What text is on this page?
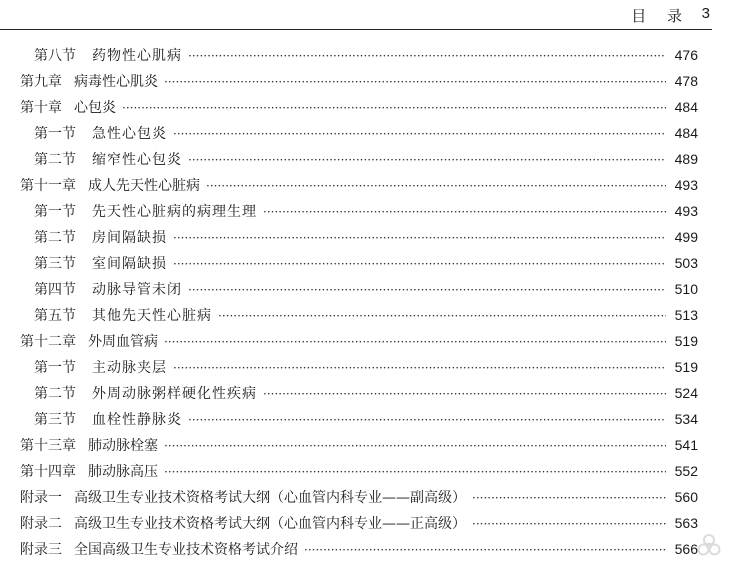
目 录 3
第八节 药物性心肌病 ·····	476
第九章 病毒性心肌炎 ·····	478
第十章 心包炎 ·····	484
第一节 急性心包炎 ·····	484
第二节 缩窄性心包炎 ·····	489
第十一章 成人先天性心脏病 ·····	493
第一节 先天性心脏病的病理生理 ·····	493
第二节 房间隔缺损 ·····	499
第三节 室间隔缺损 ·····	503
第四节 动脉导管未闭 ·····	510
第五节 其他先天性心脏病 ·····	513
第十二章 外周血管病 ·····	519
第一节 主动脉夹层 ·····	519
第二节 外周动脉粥样硬化性疾病 ·····	524
第三节 血栓性静脉炎 ·····	534
第十三章 肺动脉栓塞 ·····	541
第十四章 肺动脉高压 ·····	552
附录一 高级卫生专业技术资格考试大纲（心血管内科专业——副高级） ·····	560
附录二 高级卫生专业技术资格考试大纲（心血管内科专业——正高级） ·····	563
附录三 全国高级卫生专业技术资格考试介绍 ·····	566
